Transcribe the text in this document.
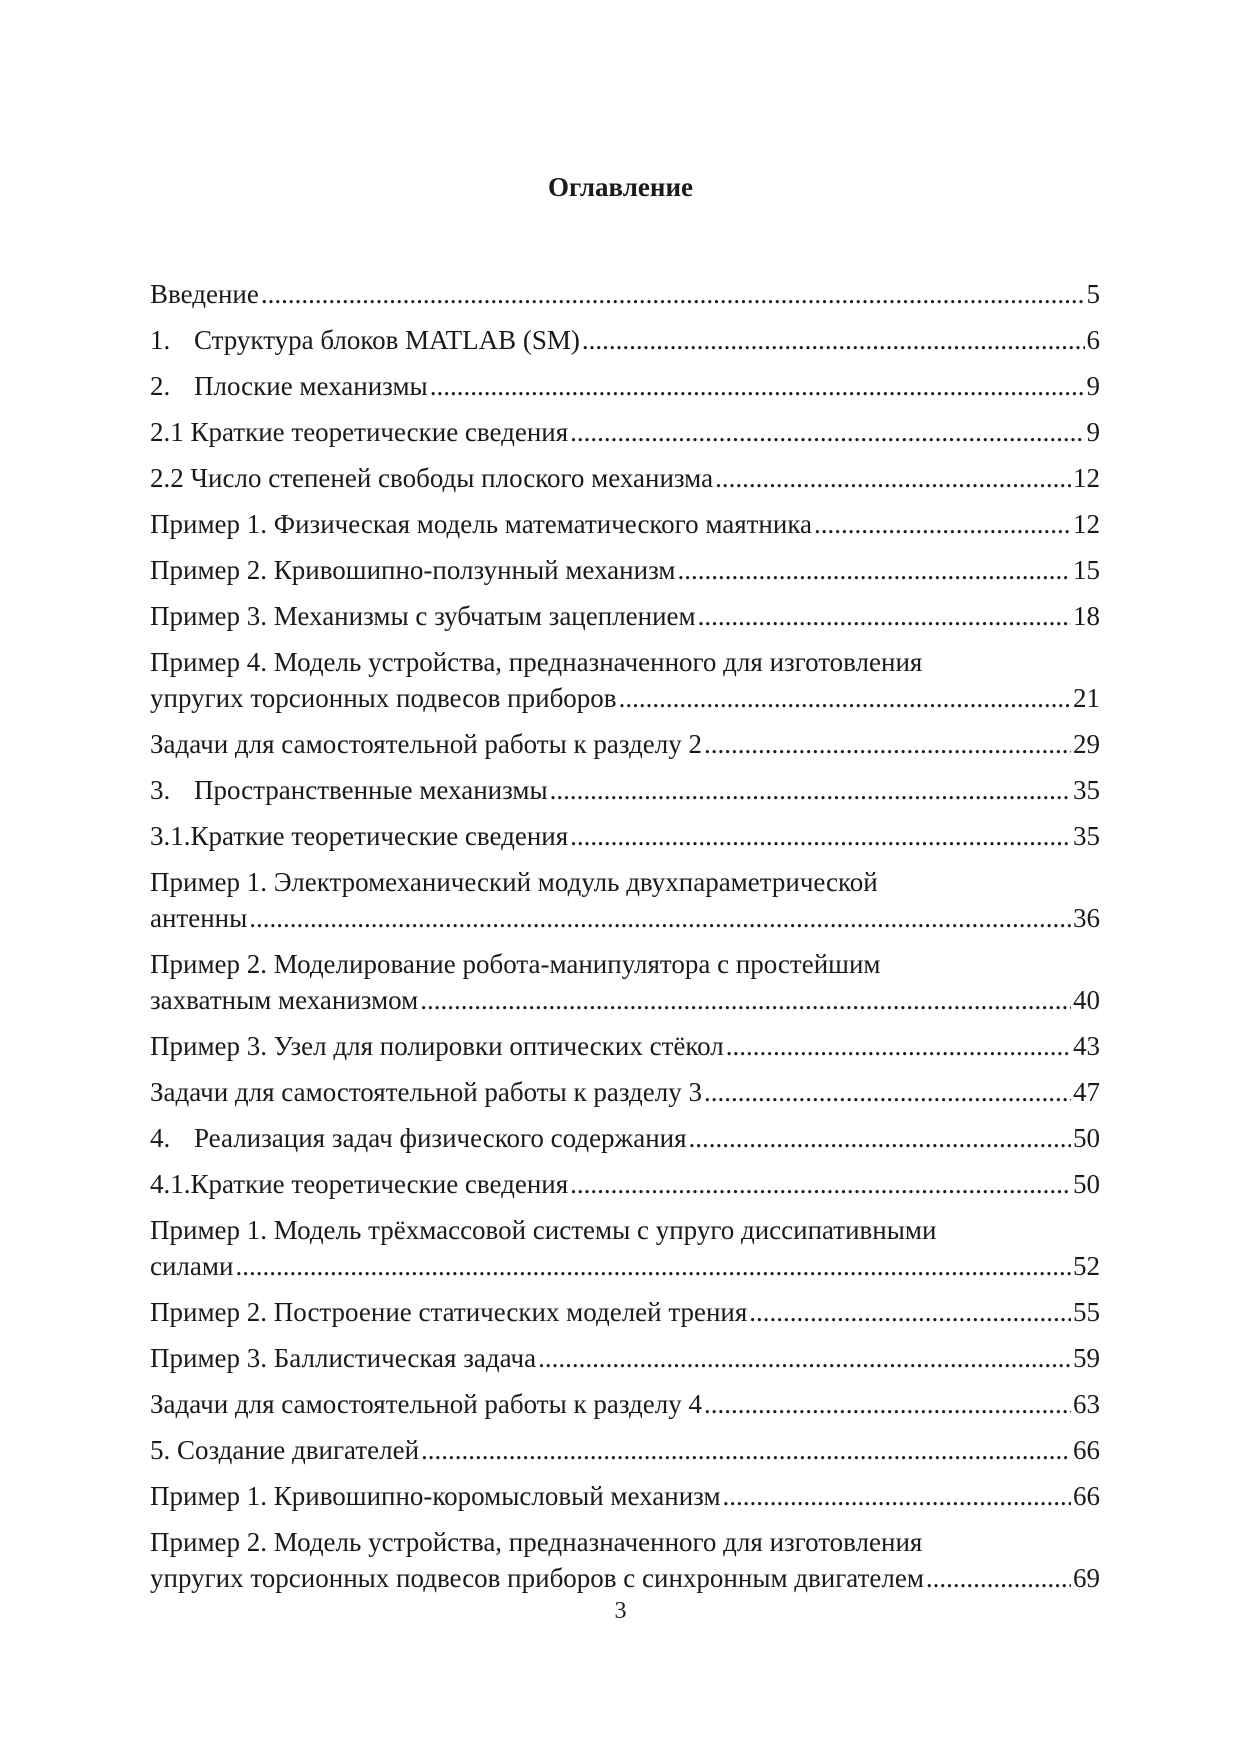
Оглавление
Введение .....	5
1. Структура блоков MATLAB (SM) .....	6
2. Плоские механизмы .....	9
2.1 Краткие теоретические сведения .....	9
2.2 Число степеней свободы плоского механизма .....	12
Пример 1. Физическая модель математического маятника .....	12
Пример 2. Кривошипно-ползунный механизм .....	15
Пример 3. Механизмы с зубчатым зацеплением .....	18
Пример 4. Модель устройства, предназначенного для изготовления
упругих торсионных подвесов приборов .....	21
Задачи для самостоятельной работы к разделу 2 .....	29
3. Пространственные механизмы .....	35
3.1.Краткие теоретические сведения .....	35
Пример 1. Электромеханический модуль двухпараметрической
антенны .....	36
Пример 2. Моделирование робота-манипулятора с простейшим
захватным механизмом .....	40
Пример 3. Узел для полировки оптических стёкол .....	43
Задачи для самостоятельной работы к разделу 3 .....	47
4. Реализация задач физического содержания .....	50
4.1.Краткие теоретические сведения .....	50
Пример 1. Модель трёхмассовой системы с упруго диссипативными
силами .....	52
Пример 2. Построение статических моделей трения .....	55
Пример 3. Баллистическая задача .....	59
Задачи для самостоятельной работы к разделу 4 .....	63
5. Создание двигателей .....	66
Пример 1. Кривошипно-коромысловый механизм .....	66
Пример 2. Модель устройства, предназначенного для изготовления
упругих торсионных подвесов приборов с синхронным двигателем .....	69
3
